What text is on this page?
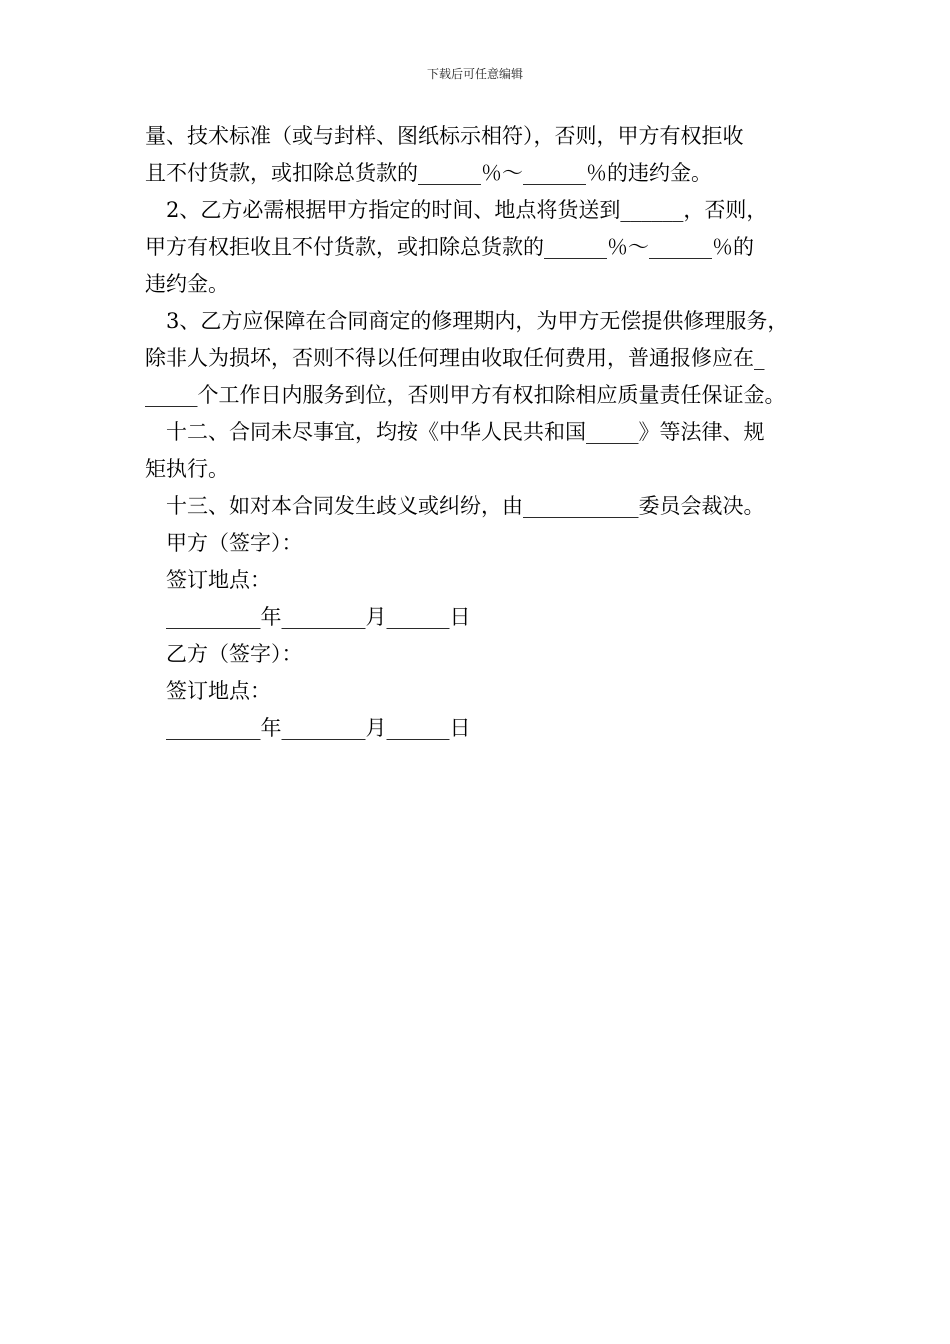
下载后可任意编辑
量、技术标准（或与封样、图纸标示相符），否则，甲方有权拒收
且不付货款，或扣除总货款的______％～______％的违约金。
2、乙方必需根据甲方指定的时间、地点将货送到______，否则，
甲方有权拒收且不付货款，或扣除总货款的______％～______％的
违约金。
3、乙方应保障在合同商定的修理期内，为甲方无偿提供修理服务，
除非人为损坏，否则不得以任何理由收取任何费用，普通报修应在_
_____个工作日内服务到位，否则甲方有权扣除相应质量责任保证金。
十二、合同未尽事宜，均按《中华人民共和国_____》等法律、规
矩执行。
十三、如对本合同发生歧义或纠纷，由___________委员会裁决。
甲方（签字）：
签订地点：
_________年________月______日
乙方（签字）：
签订地点：
_________年________月______日
